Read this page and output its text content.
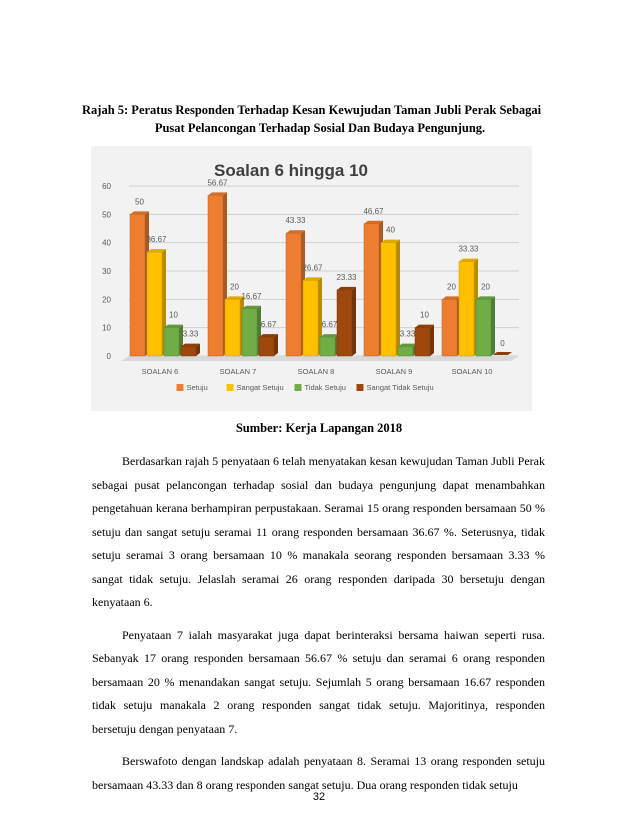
Rajah 5: Peratus Responden Terhadap Kesan Kewujudan Taman Jubli Perak Sebagai
Pusat Pelancongan Terhadap Sosial Dan Budaya Pengunjung.

Soalan 6 hingga 10
0
10
20
30
40
50
60
50
36.67
10
3.33
SOALAN 6
56.67
20
16.67
6.67
SOALAN 7
43.33
26.67
6.67
23.33
SOALAN 8
46.67
40
3.33
10
SOALAN 9
20
33.33
20
0
SOALAN 10
Setuju	Sangat Setuju	Tidak Setuju	Sangat Tidak Setuju

Sumber: Kerja Lapangan 2018

Berdasarkan rajah 5 penyataan 6 telah menyatakan kesan kewujudan Taman Jubli Perak sebagai pusat pelancongan terhadap sosial dan budaya pengunjung dapat menambahkan pengetahuan kerana berhampiran perpustakaan. Seramai 15 orang responden bersamaan 50 % setuju dan sangat setuju seramai 11 orang responden bersamaan 36.67 %. Seterusnya, tidak setuju seramai 3 orang bersamaan 10 % manakala seorang responden bersamaan 3.33 % sangat tidak setuju. Jelaslah seramai 26 orang responden daripada 30 bersetuju dengan kenyataan 6.

Penyataan 7 ialah masyarakat juga dapat berinteraksi bersama haiwan seperti rusa. Sebanyak 17 orang responden bersamaan 56.67 % setuju dan seramai 6 orang responden bersamaan 20 % menandakan sangat setuju. Sejumlah 5 orang bersamaan 16.67 responden tidak setuju manakala 2 orang responden sangat tidak setuju. Majoritinya, responden bersetuju dengan penyataan 7.

Berswafoto dengan landskap adalah penyataan 8. Seramai 13 orang responden setuju bersamaan 43.33 dan 8 orang responden sangat setuju. Dua orang responden tidak setuju

32
